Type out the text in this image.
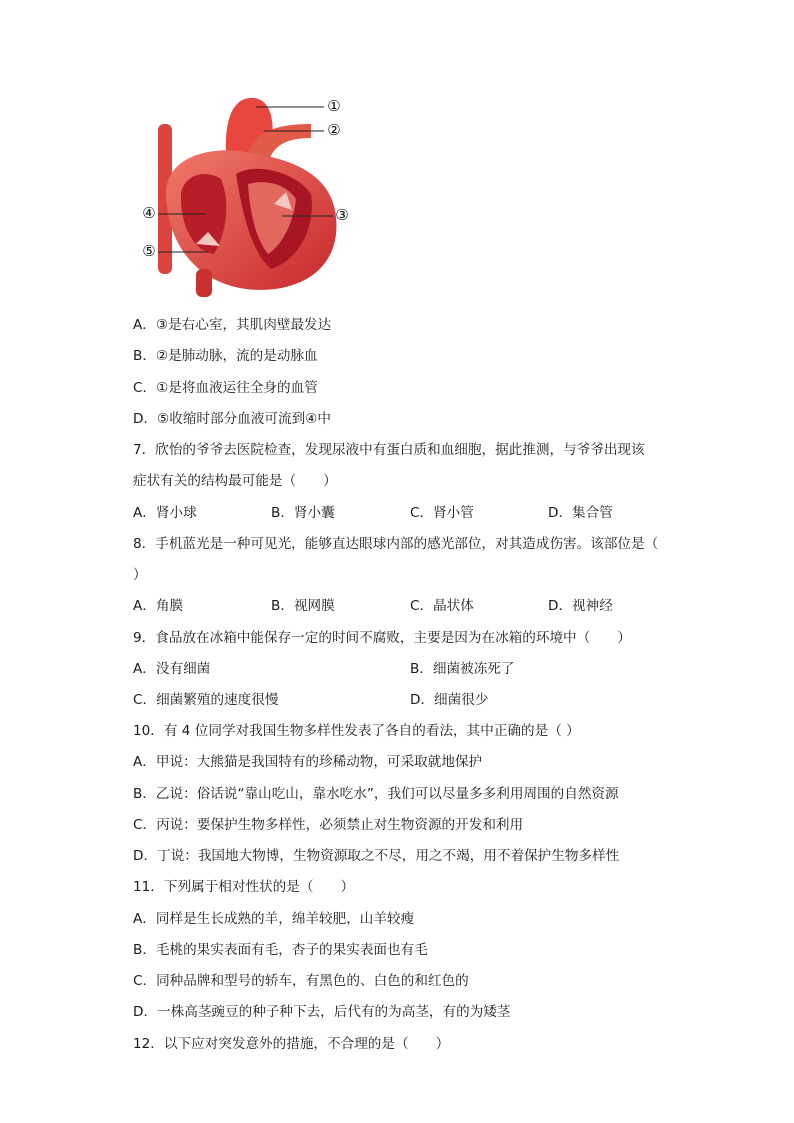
①
②
③
④
⑤
A．③是右心室，其肌肉壁最发达
B．②是肺动脉，流的是动脉血
C．①是将血液运往全身的血管
D．⑤收缩时部分血液可流到④中
7．欣怡的爷爷去医院检查，发现尿液中有蛋白质和血细胞，据此推测，与爷爷出现该
症状有关的结构最可能是（　　）
A．肾小球	B．肾小囊	C．肾小管	D．集合管
8．手机蓝光是一种可见光，能够直达眼球内部的感光部位，对其造成伤害。该部位是（
）
A．角膜	B．视网膜	C．晶状体	D．视神经
9．食品放在冰箱中能保存一定的时间不腐败，主要是因为在冰箱的环境中（　　）
A．没有细菌	B．细菌被冻死了
C．细菌繁殖的速度很慢	D．细菌很少
10．有 4 位同学对我国生物多样性发表了各自的看法，其中正确的是（ ）
A．甲说：大熊猫是我国特有的珍稀动物，可采取就地保护
B．乙说：俗话说“靠山吃山，靠水吃水”，我们可以尽量多多利用周围的自然资源
C．丙说：要保护生物多样性，必须禁止对生物资源的开发和利用
D．丁说：我国地大物博，生物资源取之不尽，用之不竭，用不着保护生物多样性
11．下列属于相对性状的是（　　）
A．同样是生长成熟的羊，绵羊较肥，山羊较瘦
B．毛桃的果实表面有毛，杏子的果实表面也有毛
C．同种品牌和型号的轿车，有黑色的、白色的和红色的
D．一株高茎豌豆的种子种下去，后代有的为高茎，有的为矮茎
12．以下应对突发意外的措施，不合理的是（　　）
